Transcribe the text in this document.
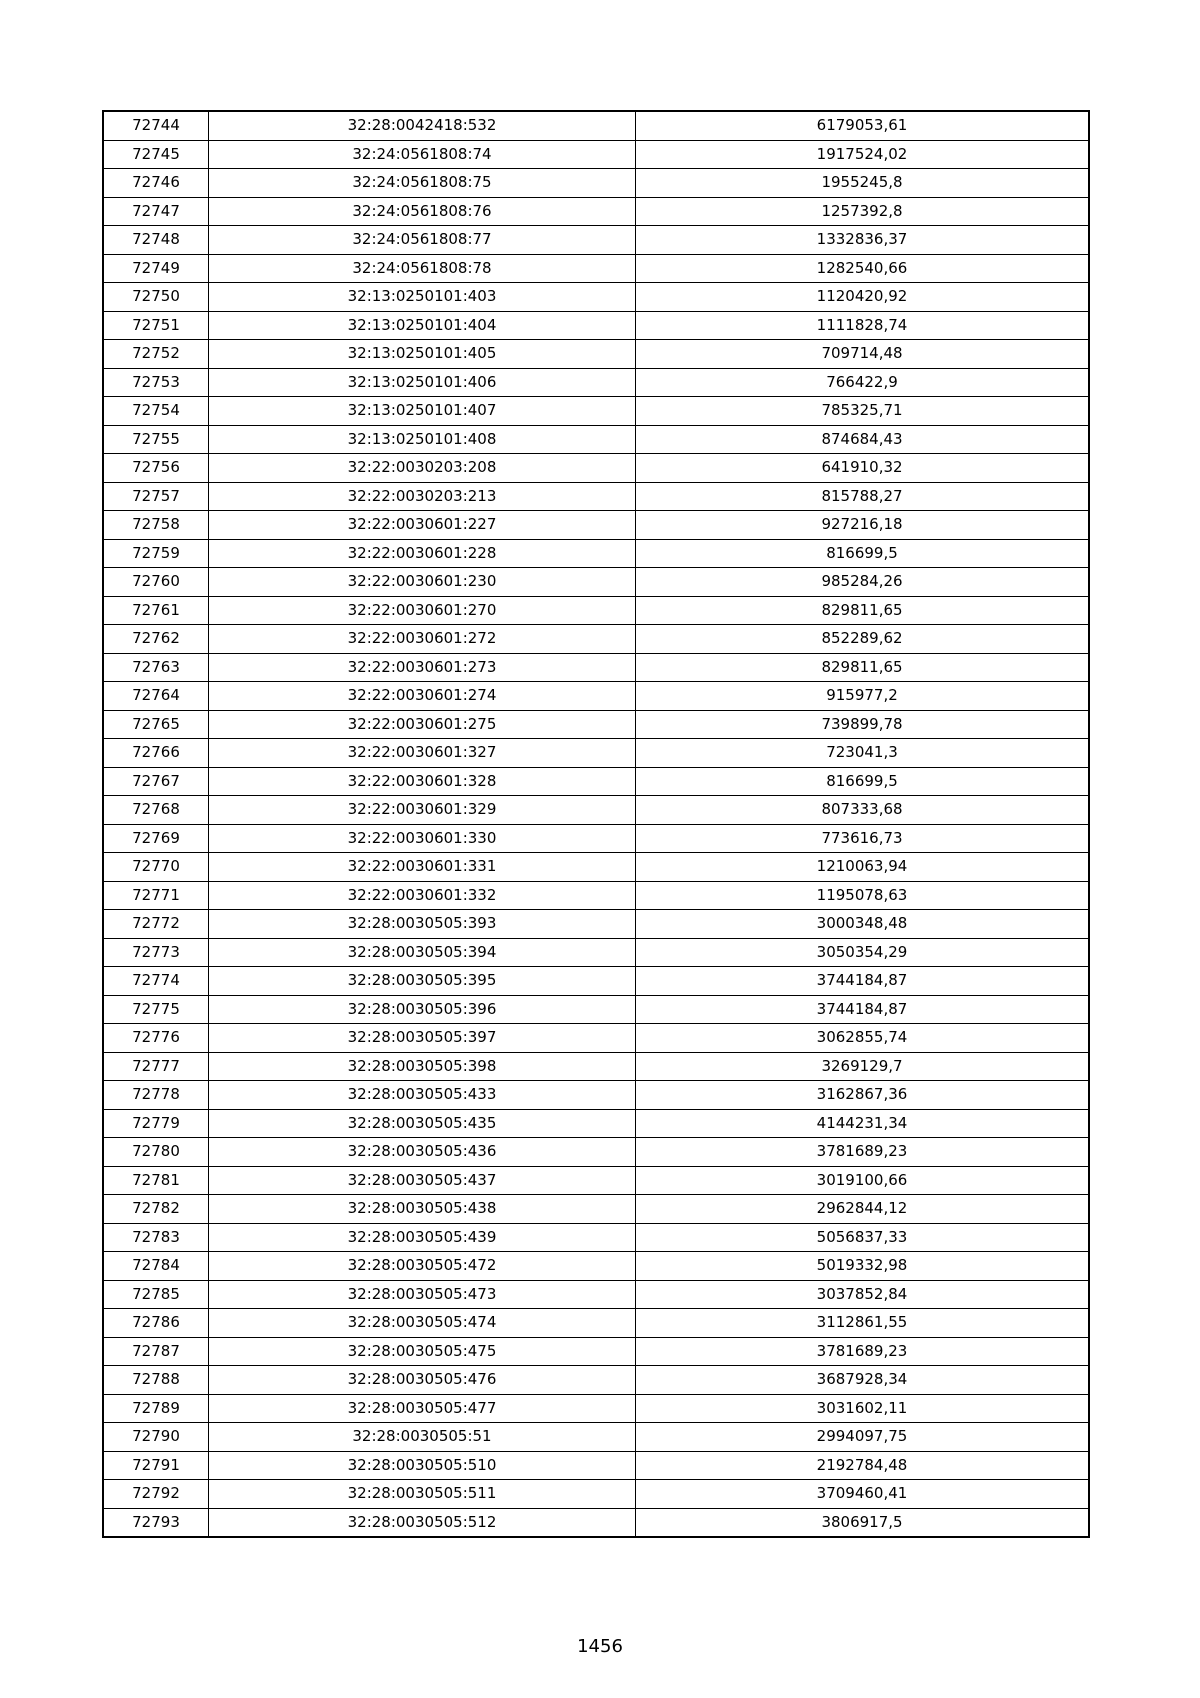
72744	32:28:0042418:532	6179053,61
72745	32:24:0561808:74	1917524,02
72746	32:24:0561808:75	1955245,8
72747	32:24:0561808:76	1257392,8
72748	32:24:0561808:77	1332836,37
72749	32:24:0561808:78	1282540,66
72750	32:13:0250101:403	1120420,92
72751	32:13:0250101:404	1111828,74
72752	32:13:0250101:405	709714,48
72753	32:13:0250101:406	766422,9
72754	32:13:0250101:407	785325,71
72755	32:13:0250101:408	874684,43
72756	32:22:0030203:208	641910,32
72757	32:22:0030203:213	815788,27
72758	32:22:0030601:227	927216,18
72759	32:22:0030601:228	816699,5
72760	32:22:0030601:230	985284,26
72761	32:22:0030601:270	829811,65
72762	32:22:0030601:272	852289,62
72763	32:22:0030601:273	829811,65
72764	32:22:0030601:274	915977,2
72765	32:22:0030601:275	739899,78
72766	32:22:0030601:327	723041,3
72767	32:22:0030601:328	816699,5
72768	32:22:0030601:329	807333,68
72769	32:22:0030601:330	773616,73
72770	32:22:0030601:331	1210063,94
72771	32:22:0030601:332	1195078,63
72772	32:28:0030505:393	3000348,48
72773	32:28:0030505:394	3050354,29
72774	32:28:0030505:395	3744184,87
72775	32:28:0030505:396	3744184,87
72776	32:28:0030505:397	3062855,74
72777	32:28:0030505:398	3269129,7
72778	32:28:0030505:433	3162867,36
72779	32:28:0030505:435	4144231,34
72780	32:28:0030505:436	3781689,23
72781	32:28:0030505:437	3019100,66
72782	32:28:0030505:438	2962844,12
72783	32:28:0030505:439	5056837,33
72784	32:28:0030505:472	5019332,98
72785	32:28:0030505:473	3037852,84
72786	32:28:0030505:474	3112861,55
72787	32:28:0030505:475	3781689,23
72788	32:28:0030505:476	3687928,34
72789	32:28:0030505:477	3031602,11
72790	32:28:0030505:51	2994097,75
72791	32:28:0030505:510	2192784,48
72792	32:28:0030505:511	3709460,41
72793	32:28:0030505:512	3806917,5
1456
